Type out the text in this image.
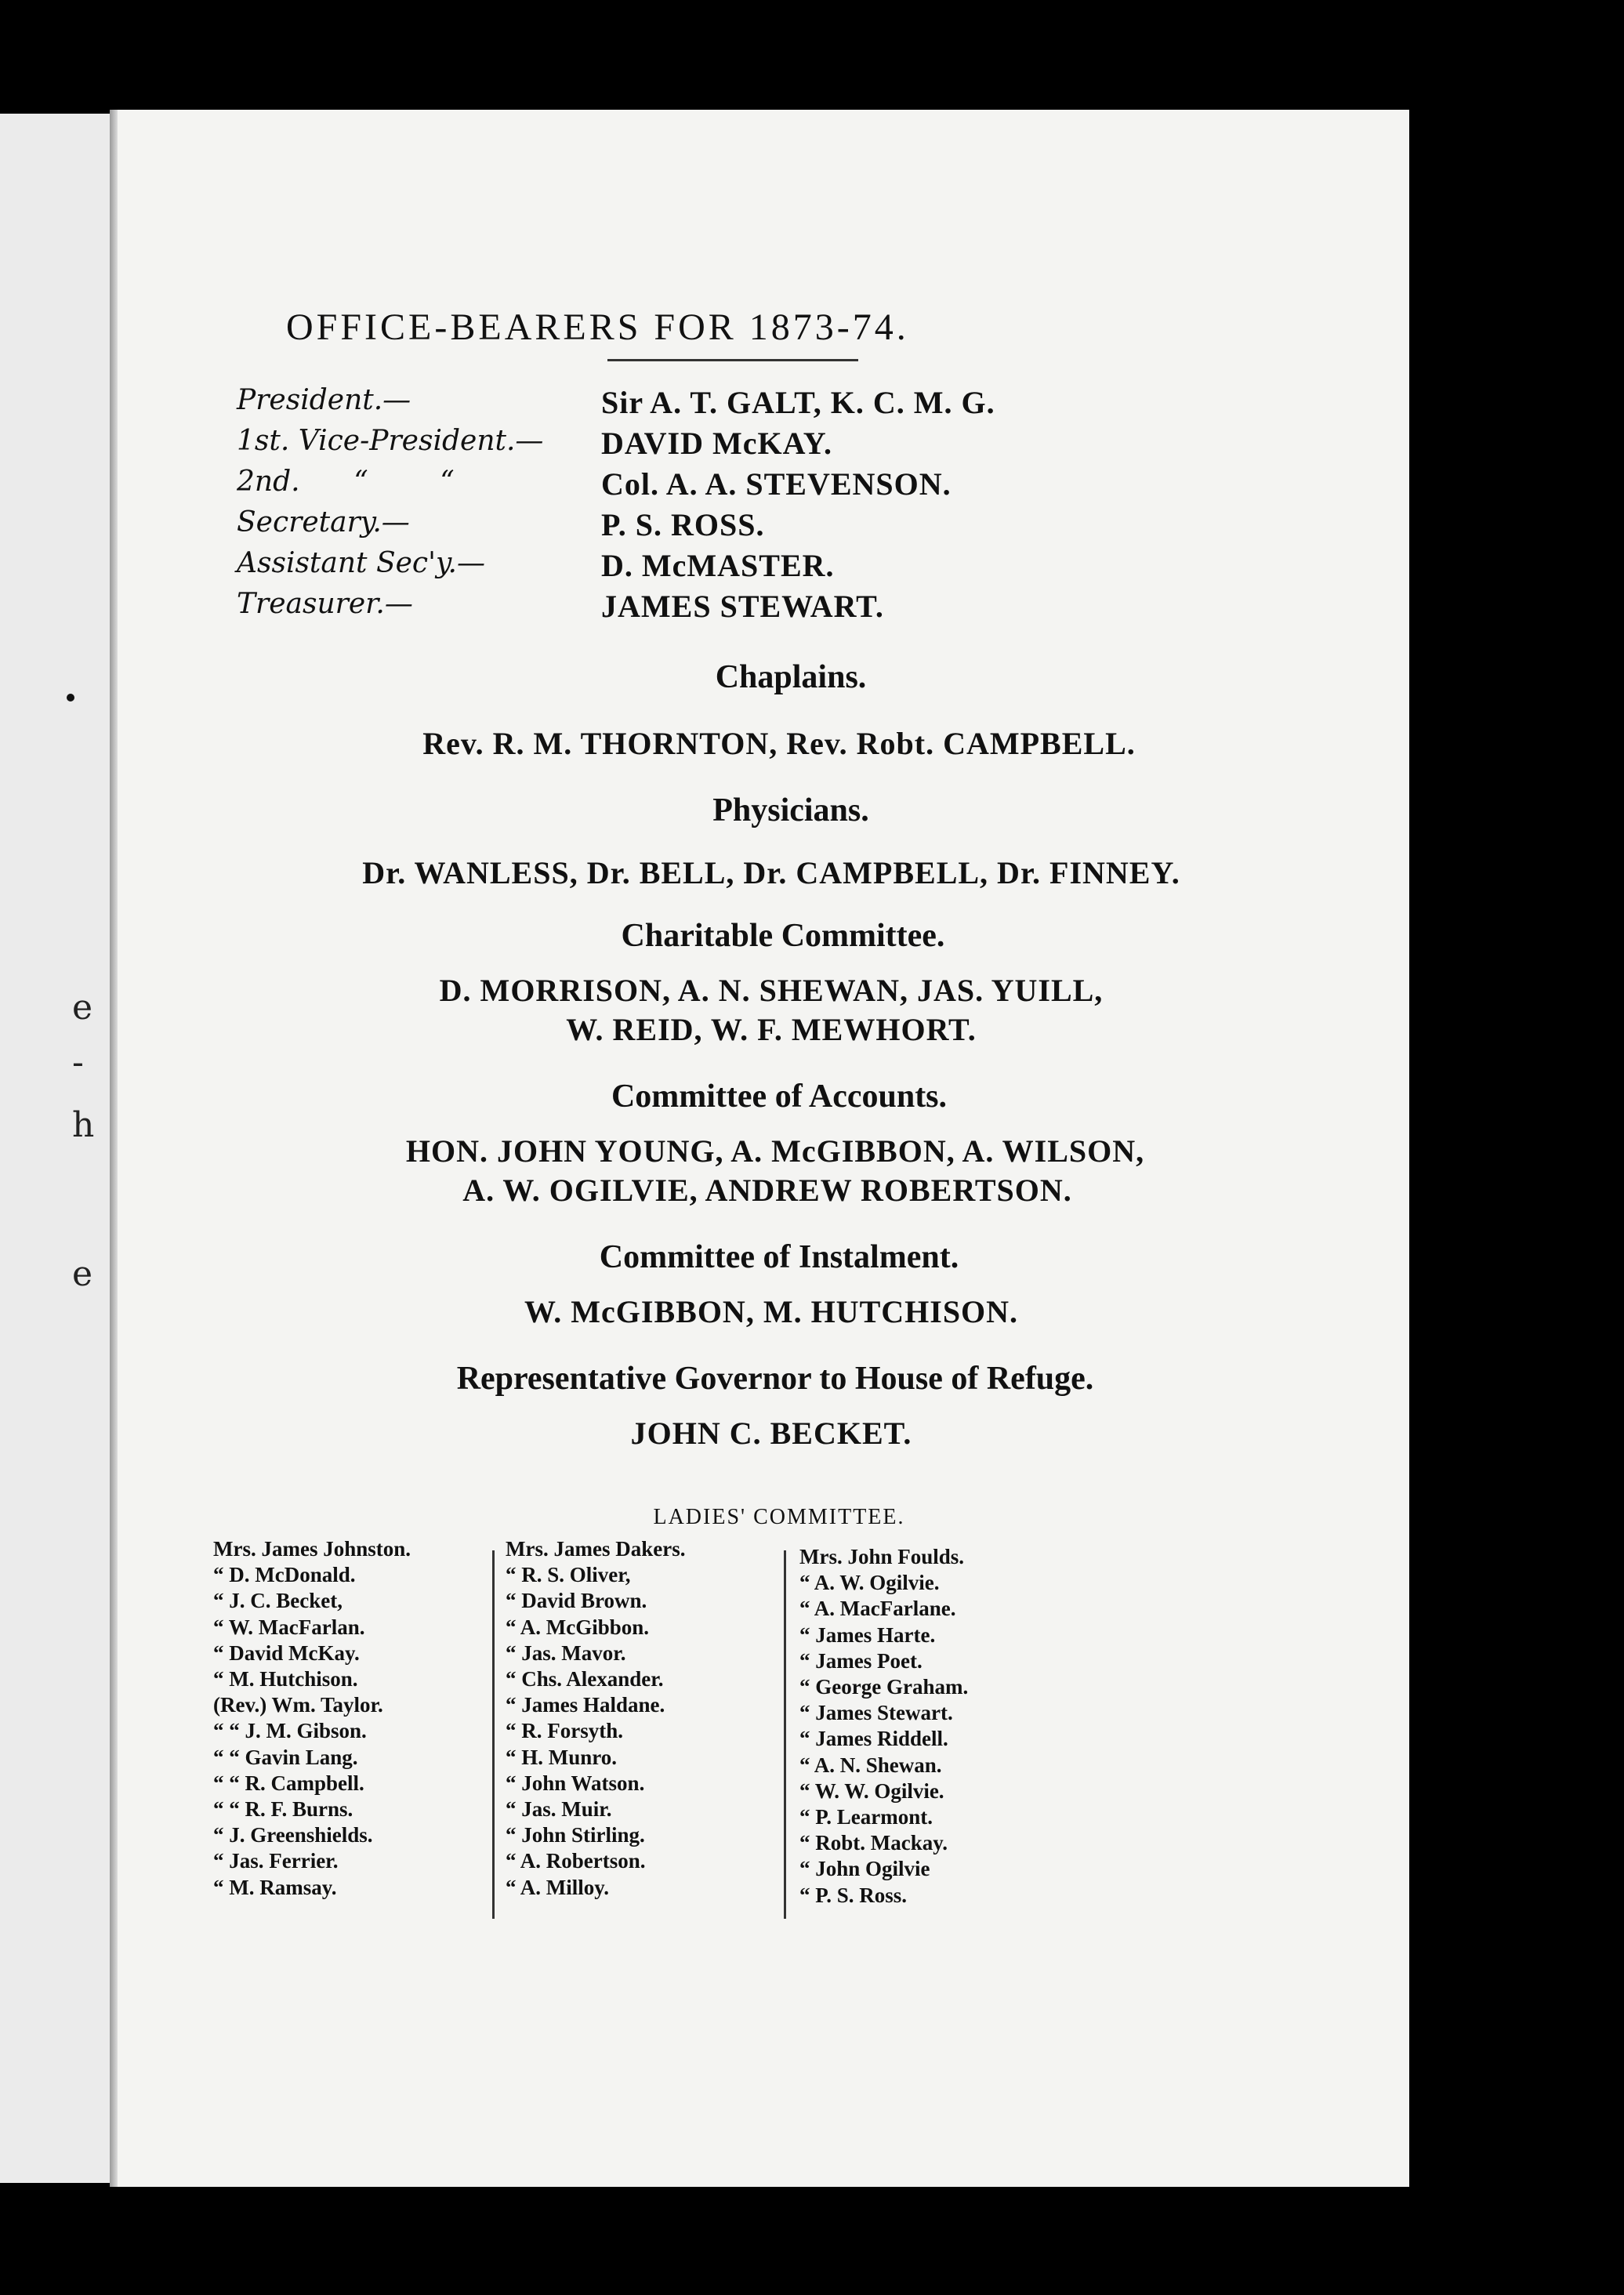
e
-
h
e
OFFICE-BEARERS FOR 1873-74.
President.—	Sir A. T. GALT, K. C. M. G.
1st. Vice-President.— DAVID McKAY.
2nd.      “        “	Col. A. A. STEVENSON.
Secretary.—	P. S. ROSS.
Assistant Sec'y.—	D. McMASTER.
Treasurer.—	JAMES STEWART.
Chaplains.
Rev. R. M. THORNTON, Rev. Robt. CAMPBELL.
Physicians.
Dr. WANLESS, Dr. BELL, Dr. CAMPBELL, Dr. FINNEY.
Charitable Committee.
D. MORRISON, A. N. SHEWAN, JAS. YUILL,
W. REID, W. F. MEWHORT.
Committee of Accounts.
HON. JOHN YOUNG, A. McGIBBON, A. WILSON,
A. W. OGILVIE, ANDREW ROBERTSON.
Committee of Instalment.
W. McGIBBON, M. HUTCHISON.
Representative Governor to House of Refuge.
JOHN C. BECKET.
LADIES' COMMITTEE.
Mrs. James Johnston.
“ D. McDonald.
“ J. C. Becket,
“ W. MacFarlan.
“ David McKay.
“ M. Hutchison.
(Rev.) Wm. Taylor.
“ “ J. M. Gibson.
“ “ Gavin Lang.
“ “ R. Campbell.
“ “ R. F. Burns.
“ J. Greenshields.
“ Jas. Ferrier.
“ M. Ramsay.
Mrs. James Dakers.
“ R. S. Oliver,
“ David Brown.
“ A. McGibbon.
“ Jas. Mavor.
“ Chs. Alexander.
“ James Haldane.
“ R. Forsyth.
“ H. Munro.
“ John Watson.
“ Jas. Muir.
“ John Stirling.
“ A. Robertson.
“ A. Milloy.
Mrs. John Foulds.
“ A. W. Ogilvie.
“ A. MacFarlane.
“ James Harte.
“ James Poet.
“ George Graham.
“ James Stewart.
“ James Riddell.
“ A. N. Shewan.
“ W. W. Ogilvie.
“ P. Learmont.
“ Robt. Mackay.
“ John Ogilvie
“ P. S. Ross.
